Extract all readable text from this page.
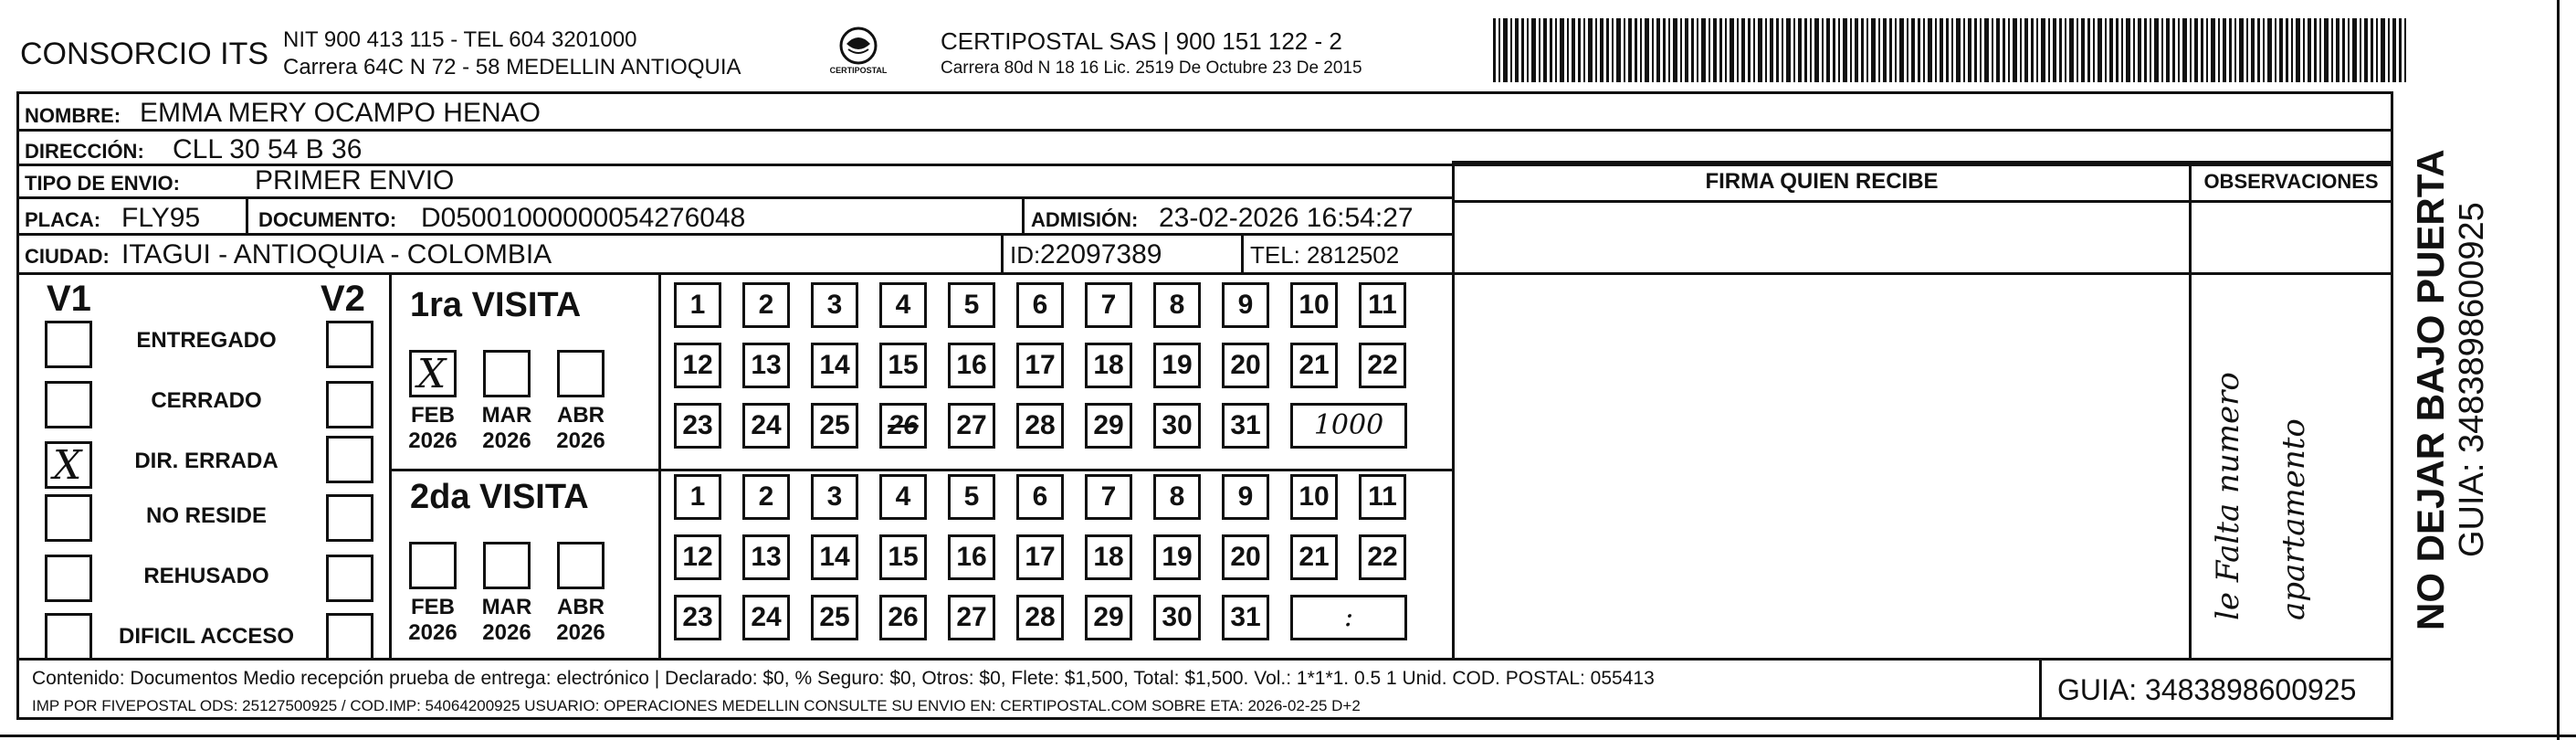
CONSORCIO ITS NIT 900 413 115 - TEL 604 3201000
Carrera 64C N 72 - 58 MEDELLIN ANTIOQUIA	CERTIPOSTAL
CERTIPOSTAL SAS | 900 151 122 - 2
Carrera 80d N 18 16 Lic. 2519 De Octubre 23 De 2015
NOMBRE: EMMA MERY OCAMPO HENAO
DIRECCIÓN: CLL 30 54 B 36
TIPO DE ENVIO:	PRIMER ENVIO
PLACA: FLY95	DOCUMENTO: D05001000000054276048	ADMISIÓN: 23-02-2026 16:54:27
CIUDAD: ITAGUI - ANTIOQUIA - COLOMBIA	ID: 22097389	TEL: 2812502
V1	V2
X
ENTREGADO
CERRADO
DIR. ERRADA
NO RESIDE
REHUSADO
DIFICIL ACCESO
1ra VISITA
X
FEB
2026
MAR
2026
ABR
2026
2da VISITA
FEB
2026
MAR
2026
ABR
2026
1	2	3	4	5	6	7	8	9	10	11
12	13	14	15	16	17	18	19	20	21	22
23	24	25	26	27	28	29	30	31	1000
1	2	3	4	5	6	7	8	9	10	11
12	13	14	15	16	17	18	19	20	21	22
23	24	25	26	27	28	29	30	31	:
FIRMA QUIEN RECIBE	OBSERVACIONES
le Falta numero apartamento
Contenido: Documentos Medio recepción prueba de entrega: electrónico | Declarado: $0, % Seguro: $0, Otros: $0, Flete: $1,500, Total: $1,500. Vol.: 1*1*1. 0.5 1 Unid. COD. POSTAL: 055413
IMP POR FIVEPOSTAL ODS: 25127500925 / COD.IMP: 54064200925 USUARIO: OPERACIONES MEDELLIN CONSULTE SU ENVIO EN: CERTIPOSTAL.COM SOBRE ETA: 2026-02-25 D+2	GUIA: 3483898600925
NO DEJAR BAJO PUERTA GUIA: 3483898600925
